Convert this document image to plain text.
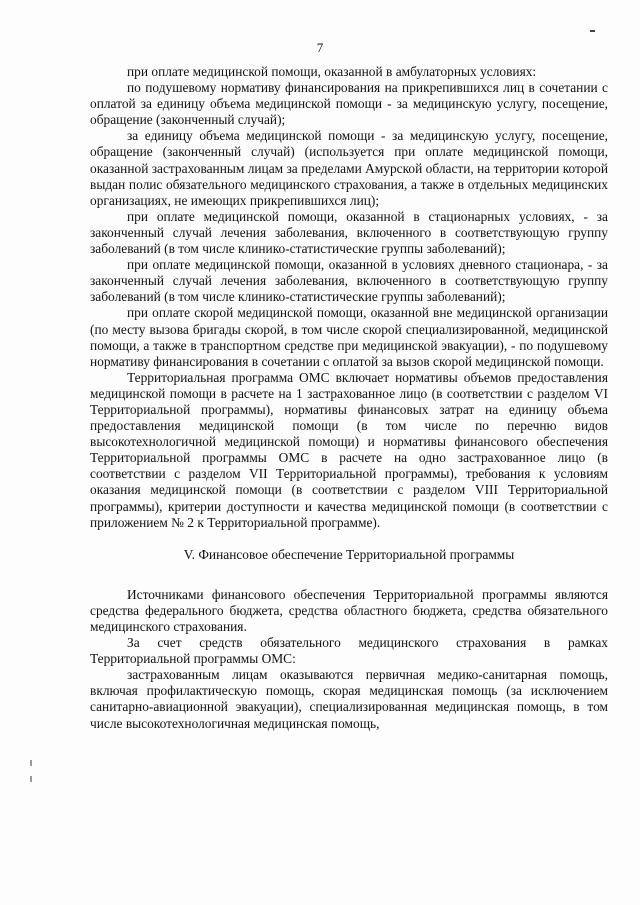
7

при оплате медицинской помощи, оказанной в амбулаторных условиях:

по подушевому нормативу финансирования на прикрепившихся лиц в сочетании с оплатой за единицу объема медицинской помощи - за медицинскую услугу, посещение, обращение (законченный случай);

за единицу объема медицинской помощи - за медицинскую услугу, посещение, обращение (законченный случай) (используется при оплате медицинской помощи, оказанной застрахованным лицам за пределами Амурской области, на территории которой выдан полис обязательного медицинского страхования, а также в отдельных медицинских организациях, не имеющих прикрепившихся лиц);

при оплате медицинской помощи, оказанной в стационарных условиях, - за законченный случай лечения заболевания, включенного в соответствующую группу заболеваний (в том числе клинико-статистические группы заболеваний);

при оплате медицинской помощи, оказанной в условиях дневного стационара, - за законченный случай лечения заболевания, включенного в соответствующую группу заболеваний (в том числе клинико-статистические группы заболеваний);

при оплате скорой медицинской помощи, оказанной вне медицинской организации (по месту вызова бригады скорой, в том числе скорой специализированной, медицинской помощи, а также в транспортном средстве при медицинской эвакуации), - по подушевому нормативу финансирования в сочетании с оплатой за вызов скорой медицинской помощи.

Территориальная программа ОМС включает нормативы объемов предоставления медицинской помощи в расчете на 1 застрахованное лицо (в соответствии с разделом VI Территориальной программы), нормативы финансовых затрат на единицу объема предоставления медицинской помощи (в том числе по перечню видов высокотехнологичной медицинской помощи) и нормативы финансового обеспечения Территориальной программы ОМС в расчете на одно застрахованное лицо (в соответствии с разделом VII Территориальной программы), требования к условиям оказания медицинской помощи (в соответствии с разделом VIII Территориальной программы), критерии доступности и качества медицинской помощи (в соответствии с приложением № 2 к Территориальной программе).

V. Финансовое обеспечение Территориальной программы

Источниками финансового обеспечения Территориальной программы являются средства федерального бюджета, средства областного бюджета, средства обязательного медицинского страхования.

За счет средств обязательного медицинского страхования в рамках Территориальной программы ОМС:

застрахованным лицам оказываются первичная медико-санитарная помощь, включая профилактическую помощь, скорая медицинская помощь (за исключением санитарно-авиационной эвакуации), специализированная медицинская помощь, в том числе высокотехнологичная медицинская помощь,
